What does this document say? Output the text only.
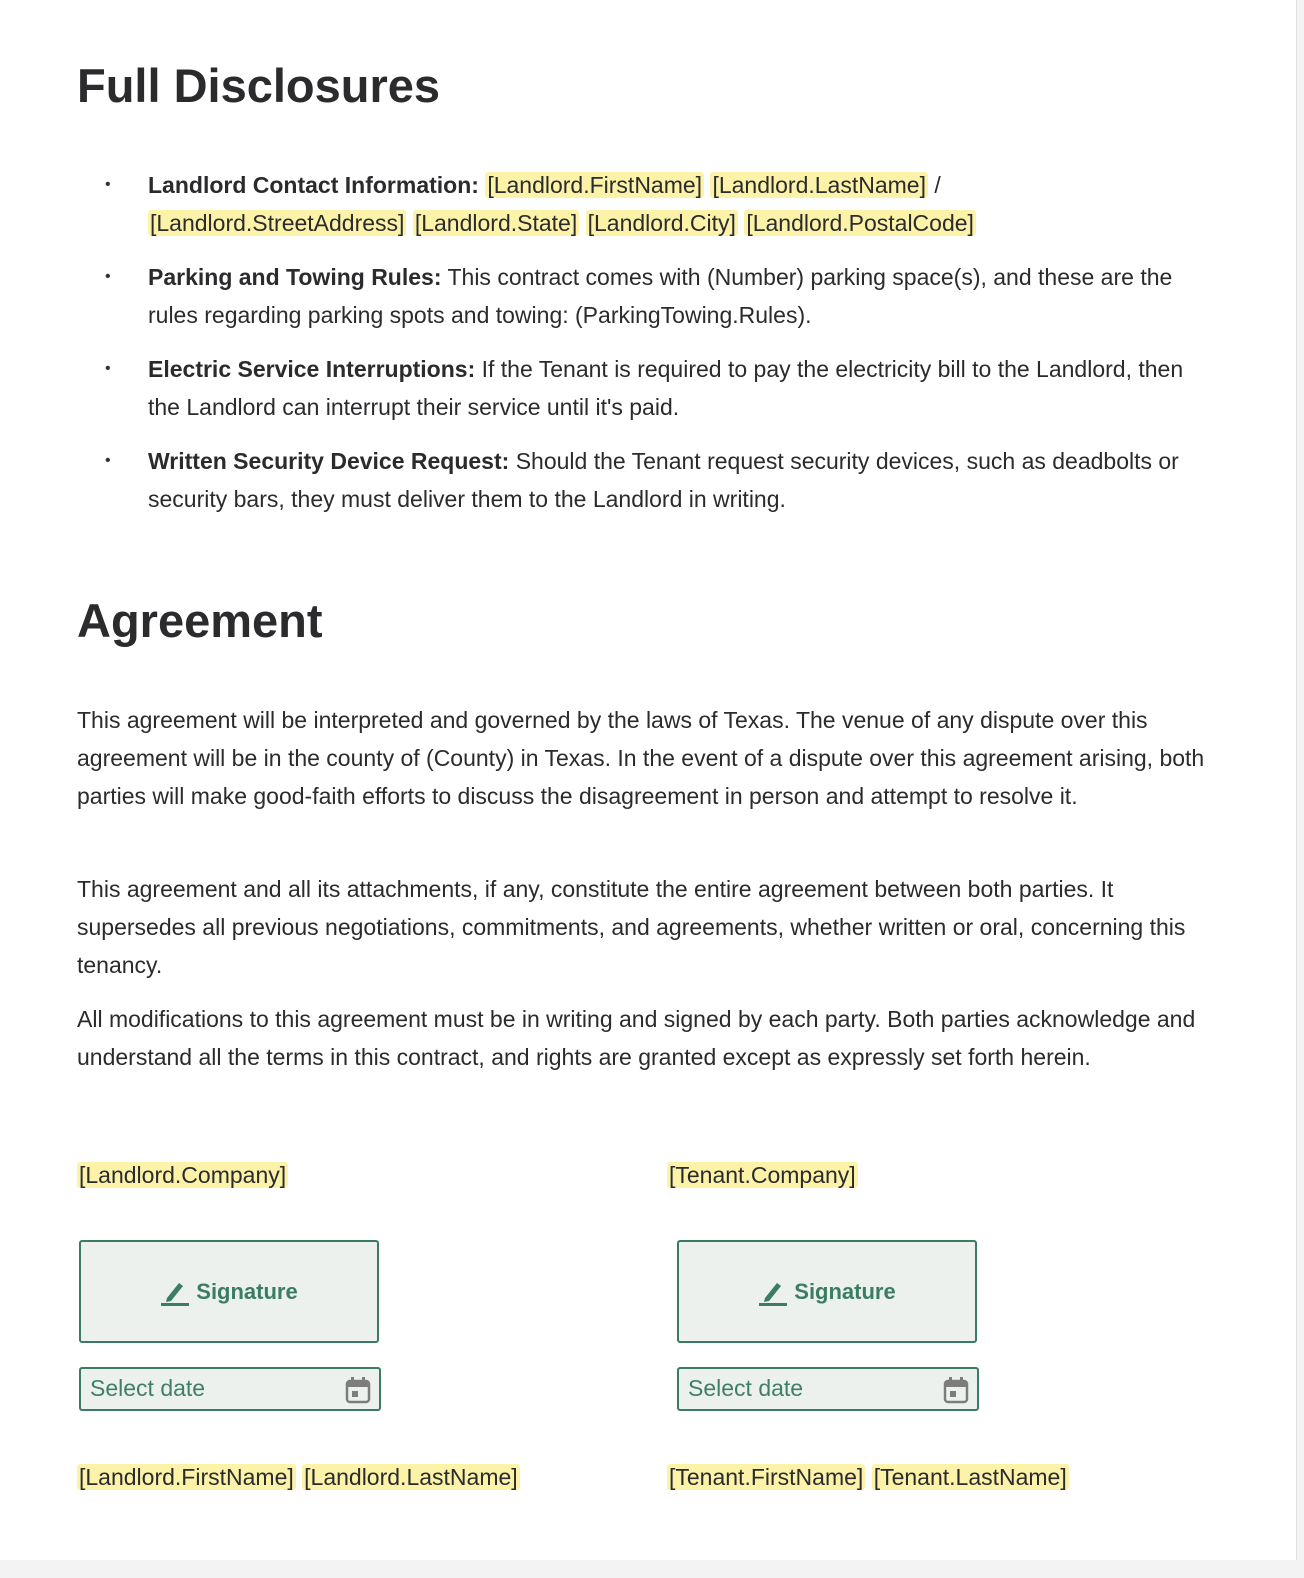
Full Disclosures
• Landlord Contact Information: [Landlord.FirstName] [Landlord.LastName] /
[Landlord.StreetAddress] [Landlord.State] [Landlord.City] [Landlord.PostalCode]
• Parking and Towing Rules: This contract comes with (Number) parking space(s), and these are the rules regarding parking spots and towing: (ParkingTowing.Rules).
• Electric Service Interruptions: If the Tenant is required to pay the electricity bill to the Landlord, then the Landlord can interrupt their service until it's paid.
• Written Security Device Request: Should the Tenant request security devices, such as deadbolts or security bars, they must deliver them to the Landlord in writing.
Agreement

This agreement will be interpreted and governed by the laws of Texas. The venue of any dispute over this agreement will be in the county of (County) in Texas. In the event of a dispute over this agreement arising, both parties will make good-faith efforts to discuss the disagreement in person and attempt to resolve it.

This agreement and all its attachments, if any, constitute the entire agreement between both parties. It supersedes all previous negotiations, commitments, and agreements, whether written or oral, concerning this tenancy.

All modifications to this agreement must be in writing and signed by each party. Both parties acknowledge and understand all the terms in this contract, and rights are granted except as expressly set forth herein.

[Landlord.Company]
Signature
Select date
[Landlord.FirstName] [Landlord.LastName]
[Tenant.Company]
Signature
Select date
[Tenant.FirstName] [Tenant.LastName]
